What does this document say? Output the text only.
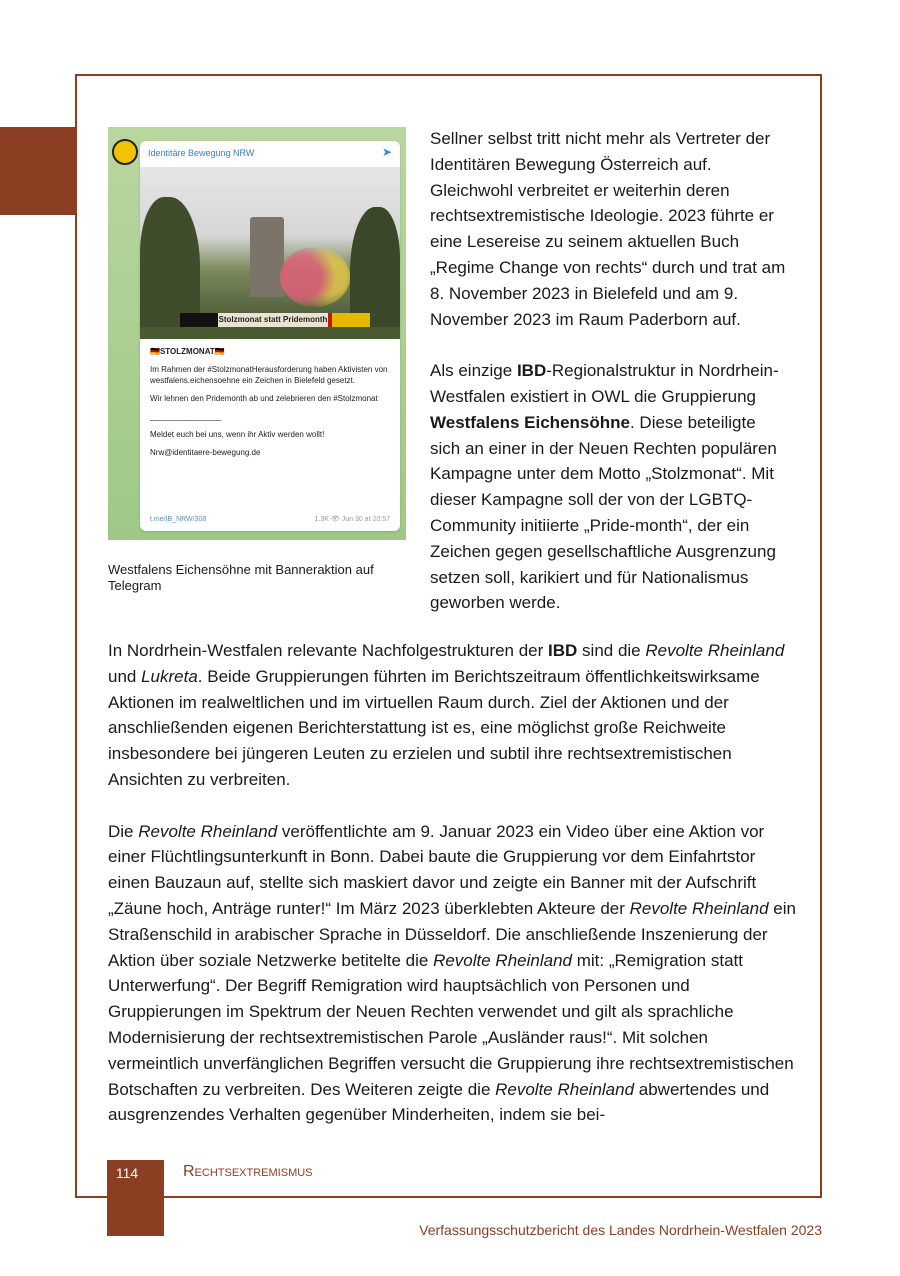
Identitäre Bewegung NRW	➤
Stolzmonat statt Pridemonth

🇩🇪STOLZMONAT🇩🇪

Im Rahmen der #StolzmonatHerausforderung haben Aktivisten von westfalens.eichensoehne ein Zeichen in Bielefeld gesetzt.

Wir lehnen den Pridemonth ab und zelebrieren den #Stolzmonat

________________

Meldet euch bei uns, wenn ihr Aktiv werden wollt!

Nrw@identitaere-bewegung.de

t.me/IB_NRW/308	1.3K 👁 Jun 30 at 20:57
Westfalens Eichensöhne mit Banneraktion auf Telegram

Sellner selbst tritt nicht mehr als Vertreter der Identitären Bewegung Österreich auf. Gleichwohl verbreitet er weiterhin deren rechtsextremistische Ideologie. 2023 führte er eine Lesereise zu seinem aktuellen Buch „Regime Change von rechts“ durch und trat am 8. November 2023 in Bielefeld und am 9. November 2023 im Raum Paderborn auf.

Als einzige IBD-Regionalstruktur in Nordrhein-Westfalen existiert in OWL die Gruppierung Westfalens Eichensöhne. Diese beteiligte sich an einer in der Neuen Rechten populären Kampagne unter dem Motto „Stolzmonat“. Mit dieser Kampagne soll der von der LGBTQ-Community initiierte „Pride-month“, der ein Zeichen gegen gesellschaftliche Ausgrenzung setzen soll, karikiert und für Nationalismus geworben werde.

In Nordrhein-Westfalen relevante Nachfolgestrukturen der IBD sind die Revolte Rheinland und Lukreta. Beide Gruppierungen führten im Berichtszeitraum öffentlichkeitswirksame Aktionen im realweltlichen und im virtuellen Raum durch. Ziel der Aktionen und der anschließenden eigenen Berichterstattung ist es, eine möglichst große Reichweite insbesondere bei jüngeren Leuten zu erzielen und subtil ihre rechtsextremistischen Ansichten zu verbreiten.

Die Revolte Rheinland veröffentlichte am 9. Januar 2023 ein Video über eine Aktion vor einer Flüchtlingsunterkunft in Bonn. Dabei baute die Gruppierung vor dem Einfahrtstor einen Bauzaun auf, stellte sich maskiert davor und zeigte ein Banner mit der Aufschrift „Zäune hoch, Anträge runter!“ Im März 2023 überklebten Akteure der Revolte Rheinland ein Straßenschild in arabischer Sprache in Düsseldorf. Die anschließende Inszenierung der Aktion über soziale Netzwerke betitelte die Revolte Rheinland mit: „Remigration statt Unterwerfung“. Der Begriff Remigration wird hauptsächlich von Personen und Gruppierungen im Spektrum der Neuen Rechten verwendet und gilt als sprachliche Modernisierung der rechtsextremistischen Parole „Ausländer raus!“. Mit solchen vermeintlich unverfänglichen Begriffen versucht die Gruppierung ihre rechtsextremistischen Botschaften zu verbreiten. Des Weiteren zeigte die Revolte Rheinland abwertendes und ausgrenzendes Verhalten gegenüber Minderheiten, indem sie bei-

114	Rechtsextremismus
Verfassungsschutzbericht des Landes Nordrhein-Westfalen 2023
